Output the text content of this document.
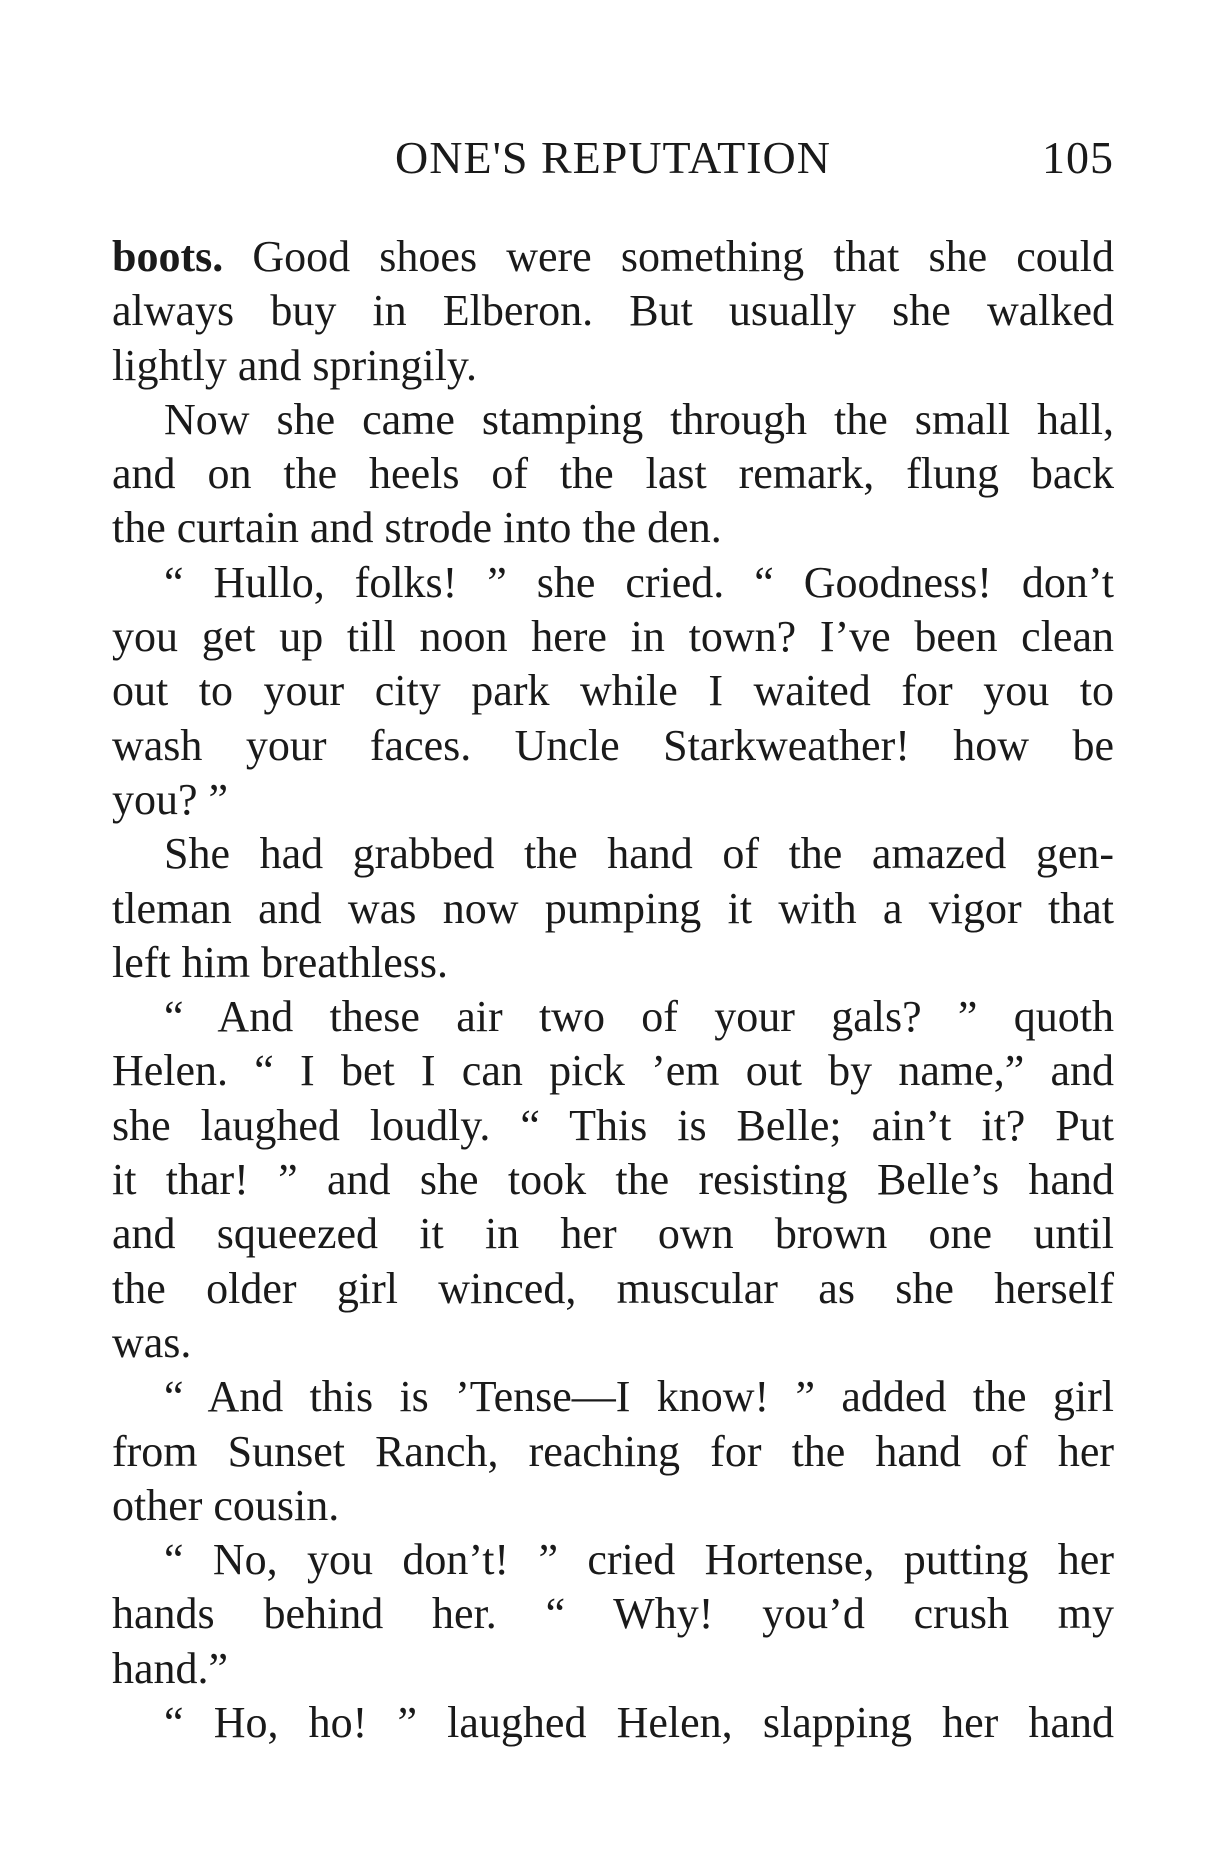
ONE'S REPUTATION	105
boots. Good shoes were something that she could
always buy in Elberon. But usually she walked
lightly and springily.
Now she came stamping through the small hall,
and on the heels of the last remark, flung back
the curtain and strode into the den.
“ Hullo, folks! ” she cried. “ Goodness! don’t
you get up till noon here in town? I’ve been clean
out to your city park while I waited for you to
wash your faces. Uncle Starkweather! how be
you? ”
She had grabbed the hand of the amazed gen-
tleman and was now pumping it with a vigor that
left him breathless.
“ And these air two of your gals? ” quoth
Helen. “ I bet I can pick ’em out by name,” and
she laughed loudly. “ This is Belle; ain’t it? Put
it thar! ” and she took the resisting Belle’s hand
and squeezed it in her own brown one until
the older girl winced, muscular as she herself
was.
“ And this is ’Tense—I know! ” added the girl
from Sunset Ranch, reaching for the hand of her
other cousin.
“ No, you don’t! ” cried Hortense, putting her
hands behind her. “ Why! you’d crush my
hand.”
“ Ho, ho! ” laughed Helen, slapping her hand
